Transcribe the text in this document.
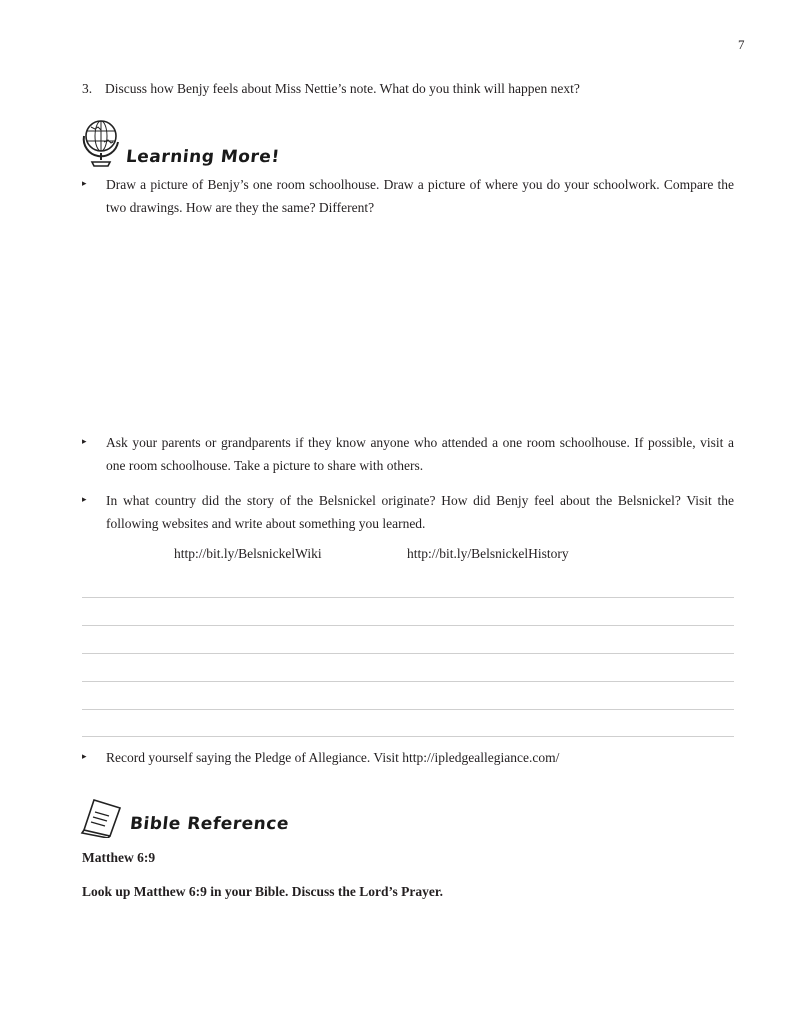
7
3. Discuss how Benjy feels about Miss Nettie’s note. What do you think will happen next?
Learning More!
▸ Draw a picture of Benjy’s one room schoolhouse. Draw a picture of where you do your schoolwork. Compare the two drawings. How are they the same? Different?
▸ Ask your parents or grandparents if they know anyone who attended a one room schoolhouse. If possible, visit a one room schoolhouse. Take a picture to share with others.
▸ In what country did the story of the Belsnickel originate? How did Benjy feel about the Belsnickel? Visit the following websites and write about something you learned.
http://bit.ly/BelsnickelWiki	http://bit.ly/BelsnickelHistory
▸ Record yourself saying the Pledge of Allegiance. Visit http://ipledgeallegiance.com/
Bible Reference
Matthew 6:9
Look up Matthew 6:9 in your Bible. Discuss the Lord’s Prayer.
